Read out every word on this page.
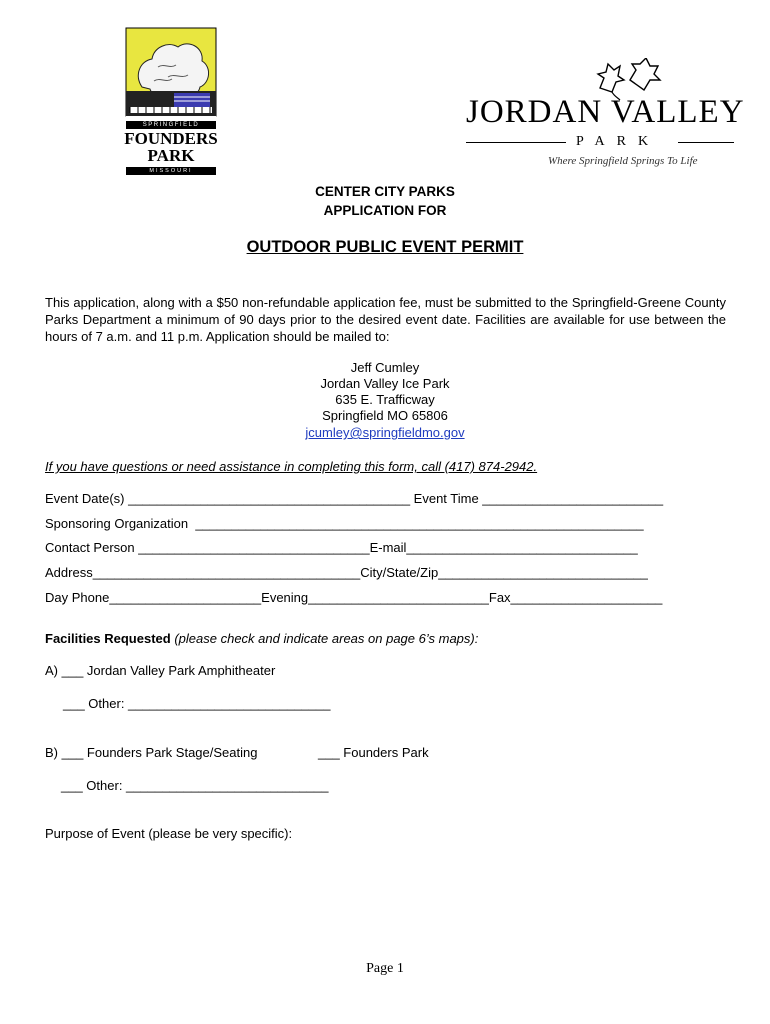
SPRINGFIELD
FOUNDERS
PARK
MISSOURI
JORDAN VALLEY
PARK
Where Springfield Springs To Life
CENTER CITY PARKS
APPLICATION FOR
OUTDOOR PUBLIC EVENT PERMIT
This application, along with a $50 non-refundable application fee, must be submitted to the Springfield-Greene County Parks Department a minimum of 90 days prior to the desired event date. Facilities are available for use between the hours of 7 a.m. and 11 p.m. Application should be mailed to:
Jeff Cumley
Jordan Valley Ice Park
635 E. Trafficway
Springfield MO 65806
jcumley@springfieldmo.gov
If you have questions or need assistance in completing this form, call (417) 874-2942.
Event Date(s) _______________________________________ Event Time _________________________
Sponsoring Organization  ______________________________________________________________
Contact Person ________________________________E-mail________________________________
Address_____________________________________City/State/Zip_____________________________
Day Phone_____________________Evening_________________________Fax_____________________
Facilities Requested (please check and indicate areas on page 6’s maps):
A) ___ Jordan Valley Park Amphitheater
___ Other: ____________________________
B) ___ Founders Park Stage/Seating	___ Founders Park
___ Other: ____________________________
Purpose of Event (please be very specific):
Page 1
